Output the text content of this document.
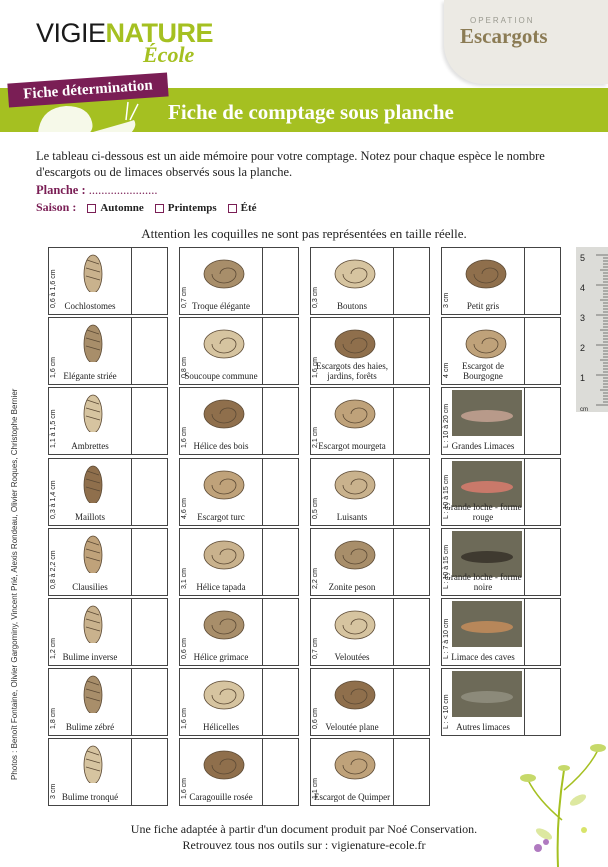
VIGIENATURE
École
OPERATION
Escargots
Fiche détermination
Fiche de comptage sous planche
Le tableau ci-dessous est un aide mémoire pour votre comptage. Notez pour chaque espèce le nombre d'escargots ou de limaces observés sous la planche.
Planche : ......................
Saison : Automne Printemps Été
Attention les coquilles ne sont pas représentées en taille réelle.
0,6 à 1,6 cm Cochlostomes
1,6 cm Elégante striée
1,1 à 1,5 cm	Ambrettes
0,3 à 1,4 cm	Maillots
0,8 à 2,2 cm	Clausilies
1,2 cm Bulime inverse
1,8 cm Bulime zébré
3 cm Bulime tronqué
0,7 cm Troque élégante
0,8 cm
Soucoupe commune
1,6 cm Hélice des bois
4,6 cm	Escargot turc
3,1 cm Hélice tapada
0,6 cm Hélice grimace
1,6 cm	Hélicelles
1,6 cm Caragouille rosée
0,3 cm	Boutons
1,6 cm
Escargots des haies, jardins, forêts
2,1 cm Escargot mourgeta
0,5 cm	Luisants
2,2 cm	Zonite peson
0,7 cm	Veloutées
0,6 cm Veloutée plane
1,1 cm
Escargot de Quimper
3 cm	Petit gris
4 cm	Escargot de Bourgogne
L : 10 à 20 cm Grandes Limaces
L : 10 à 15 cm
Grande loche - forme rouge
L : 10 à 15 cm
Grande loche - forme noire
L : 7 à 10 cm Limace des caves
L : < 10 cm Autres limaces
Photos : Benoît Fontaine, Olivier Gargominy, Vincent Prié, Alexis Rondeau, Olivier Roques, Christophe Bernier
5
4
3
2
1
cm
Une fiche adaptée à partir d'un document produit par Noé Conservation.
Retrouvez tous nos outils sur : vigienature-ecole.fr
